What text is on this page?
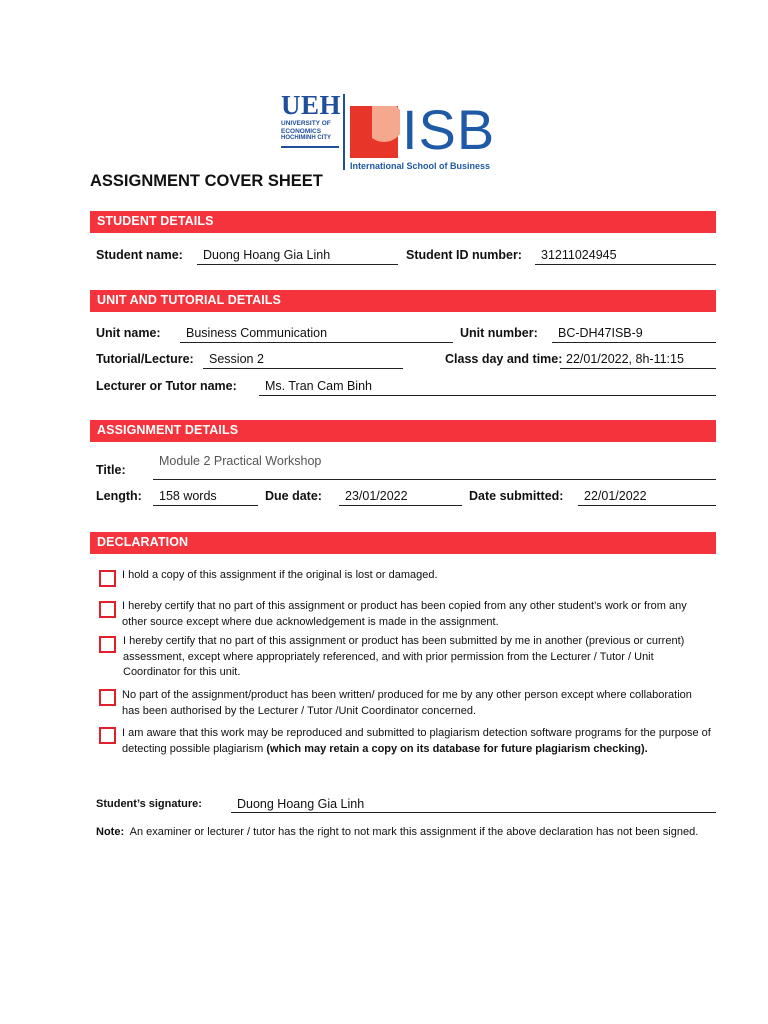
UEH
UNIVERSITY OF
ECONOMICS
HOCHIMINH CITY ISB
International School of Business
ASSIGNMENT COVER SHEET
STUDENT DETAILS
Student name:	Duong Hoang Gia Linh	Student ID number:	31211024945
UNIT AND TUTORIAL DETAILS
Unit name:	Business Communication	Unit number:	BC-DH47ISB-9
Tutorial/Lecture:	Session 2	Class day and time: 22/01/2022, 8h-11:15
Lecturer or Tutor name:	Ms. Tran Cam Binh
ASSIGNMENT DETAILS
Title:
Module 2 Practical Workshop
Length:	158 words	Due date:	23/01/2022	Date submitted:	22/01/2022
DECLARATION
I hold a copy of this assignment if the original is lost or damaged.
I hereby certify that no part of this assignment or product has been copied from any other student’s work or from any other source except where due acknowledgement is made in the assignment.
I hereby certify that no part of this assignment or product has been submitted by me in another (previous or current) assessment, except where appropriately referenced, and with prior permission from the Lecturer / Tutor / Unit Coordinator for this unit.
No part of the assignment/product has been written/ produced for me by any other person except where collaboration has been authorised by the Lecturer / Tutor /Unit Coordinator concerned.
I am aware that this work may be reproduced and submitted to plagiarism detection software programs for the purpose of detecting possible plagiarism (which may retain a copy on its database for future plagiarism checking).
Student’s signature:	Duong Hoang Gia Linh
Note: An examiner or lecturer / tutor has the right to not mark this assignment if the above declaration has not been signed.
